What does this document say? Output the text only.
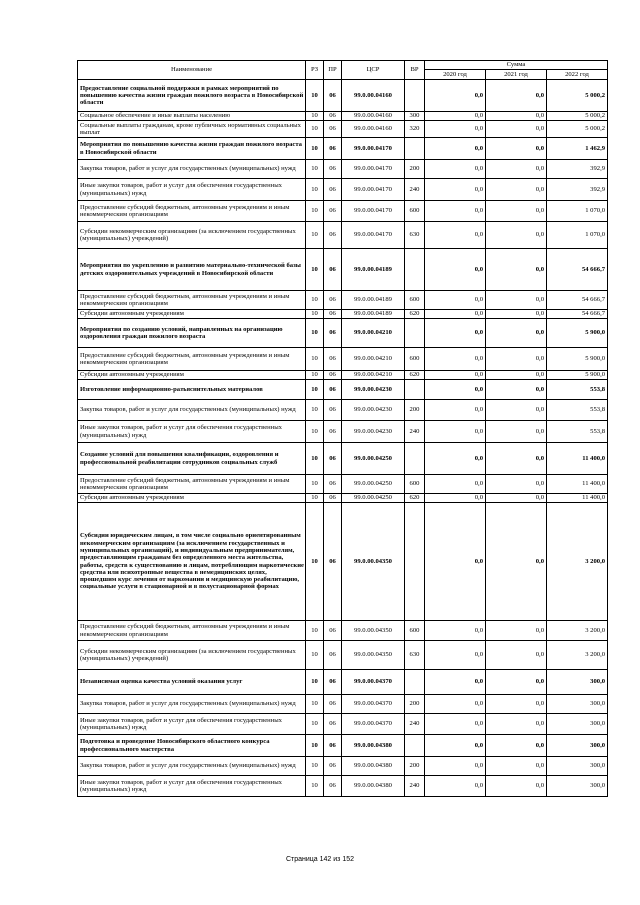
Наименование	РЗ	ПР	ЦСР	ВР	Сумма		
					2020 год	2021 год	2022 год
Предоставление социальной поддержки в рамках мероприятий по повышению качества жизни граждан пожилого возраста в Новосибирской области	10	06	99.0.00.04160		0,0	0,0	5 000,2
Социальное обеспечение и иные выплаты населению	10	06	99.0.00.04160	300	0,0	0,0	5 000,2
Социальные выплаты гражданам, кроме публичных нормативных социальных выплат	10	06	99.0.00.04160	320	0,0	0,0	5 000,2
Мероприятия по повышению качества жизни граждан пожилого возраста в Новосибирской области	10	06	99.0.00.04170		0,0	0,0	1 462,9
Закупка товаров, работ и услуг для государственных (муниципальных) нужд	10	06	99.0.00.04170	200	0,0	0,0	392,9
Иные закупки товаров, работ и услуг для обеспечения государственных (муниципальных) нужд	10	06	99.0.00.04170	240	0,0	0,0	392,9
Предоставление субсидий бюджетным, автономным учреждениям и иным некоммерческим организациям	10	06	99.0.00.04170	600	0,0	0,0	1 070,0
Субсидии некоммерческим организациям (за исключением государственных (муниципальных) учреждений)	10	06	99.0.00.04170	630	0,0	0,0	1 070,0
Мероприятия по укреплению и развитию материально-технической базы детских оздоровительных учреждений в Новосибирской области	10	06	99.0.00.04189		0,0	0,0	54 666,7
Предоставление субсидий бюджетным, автономным учреждениям и иным некоммерческим организациям	10	06	99.0.00.04189	600	0,0	0,0	54 666,7
Субсидии автономным учреждениям	10	06	99.0.00.04189	620	0,0	0,0	54 666,7
Мероприятия по созданию условий, направленных на организацию оздоровления граждан пожилого возраста	10	06	99.0.00.04210		0,0	0,0	5 900,0
Предоставление субсидий бюджетным, автономным учреждениям и иным некоммерческим организациям	10	06	99.0.00.04210	600	0,0	0,0	5 900,0
Субсидии автономным учреждениям	10	06	99.0.00.04210	620	0,0	0,0	5 900,0
Изготовление информационно-разъяснительных материалов	10	06	99.0.00.04230		0,0	0,0	553,8
Закупка товаров, работ и услуг для государственных (муниципальных) нужд	10	06	99.0.00.04230	200	0,0	0,0	553,8
Иные закупки товаров, работ и услуг для обеспечения государственных (муниципальных) нужд	10	06	99.0.00.04230	240	0,0	0,0	553,8
Создание условий для повышения квалификации, оздоровления и профессиональной реабилитации сотрудников социальных служб	10	06	99.0.00.04250		0,0	0,0	11 400,0
Предоставление субсидий бюджетным, автономным учреждениям и иным некоммерческим организациям	10	06	99.0.00.04250	600	0,0	0,0	11 400,0
Субсидии автономным учреждениям	10	06	99.0.00.04250	620	0,0	0,0	11 400,0
Субсидии юридическим лицам, в том числе социально ориентированным некоммерческим организациям (за исключением государственных и муниципальных организаций), и индивидуальным предпринимателям, предоставляющим гражданам без определенного места жительства, работы, средств к существованию и лицам, потребляющим наркотические средства или психотропные вещества в немедицинских целях, прошедшим курс лечения от наркомании и медицинскую реабилитацию, социальные услуги в стационарной и в полустационарной формах	10	06	99.0.00.04350		0,0	0,0	3 200,0
Предоставление субсидий бюджетным, автономным учреждениям и иным некоммерческим организациям	10	06	99.0.00.04350	600	0,0	0,0	3 200,0
Субсидии некоммерческим организациям (за исключением государственных (муниципальных) учреждений)	10	06	99.0.00.04350	630	0,0	0,0	3 200,0
Независимая оценка качества условий оказания услуг	10	06	99.0.00.04370		0,0	0,0	300,0
Закупка товаров, работ и услуг для государственных (муниципальных) нужд	10	06	99.0.00.04370	200	0,0	0,0	300,0
Иные закупки товаров, работ и услуг для обеспечения государственных (муниципальных) нужд	10	06	99.0.00.04370	240	0,0	0,0	300,0
Подготовка и проведение Новосибирского областного конкурса профессионального мастерства	10	06	99.0.00.04380		0,0	0,0	300,0
Закупка товаров, работ и услуг для государственных (муниципальных) нужд	10	06	99.0.00.04380	200	0,0	0,0	300,0
Иные закупки товаров, работ и услуг для обеспечения государственных (муниципальных) нужд	10	06	99.0.00.04380	240	0,0	0,0	300,0
Страница 142 из 152
